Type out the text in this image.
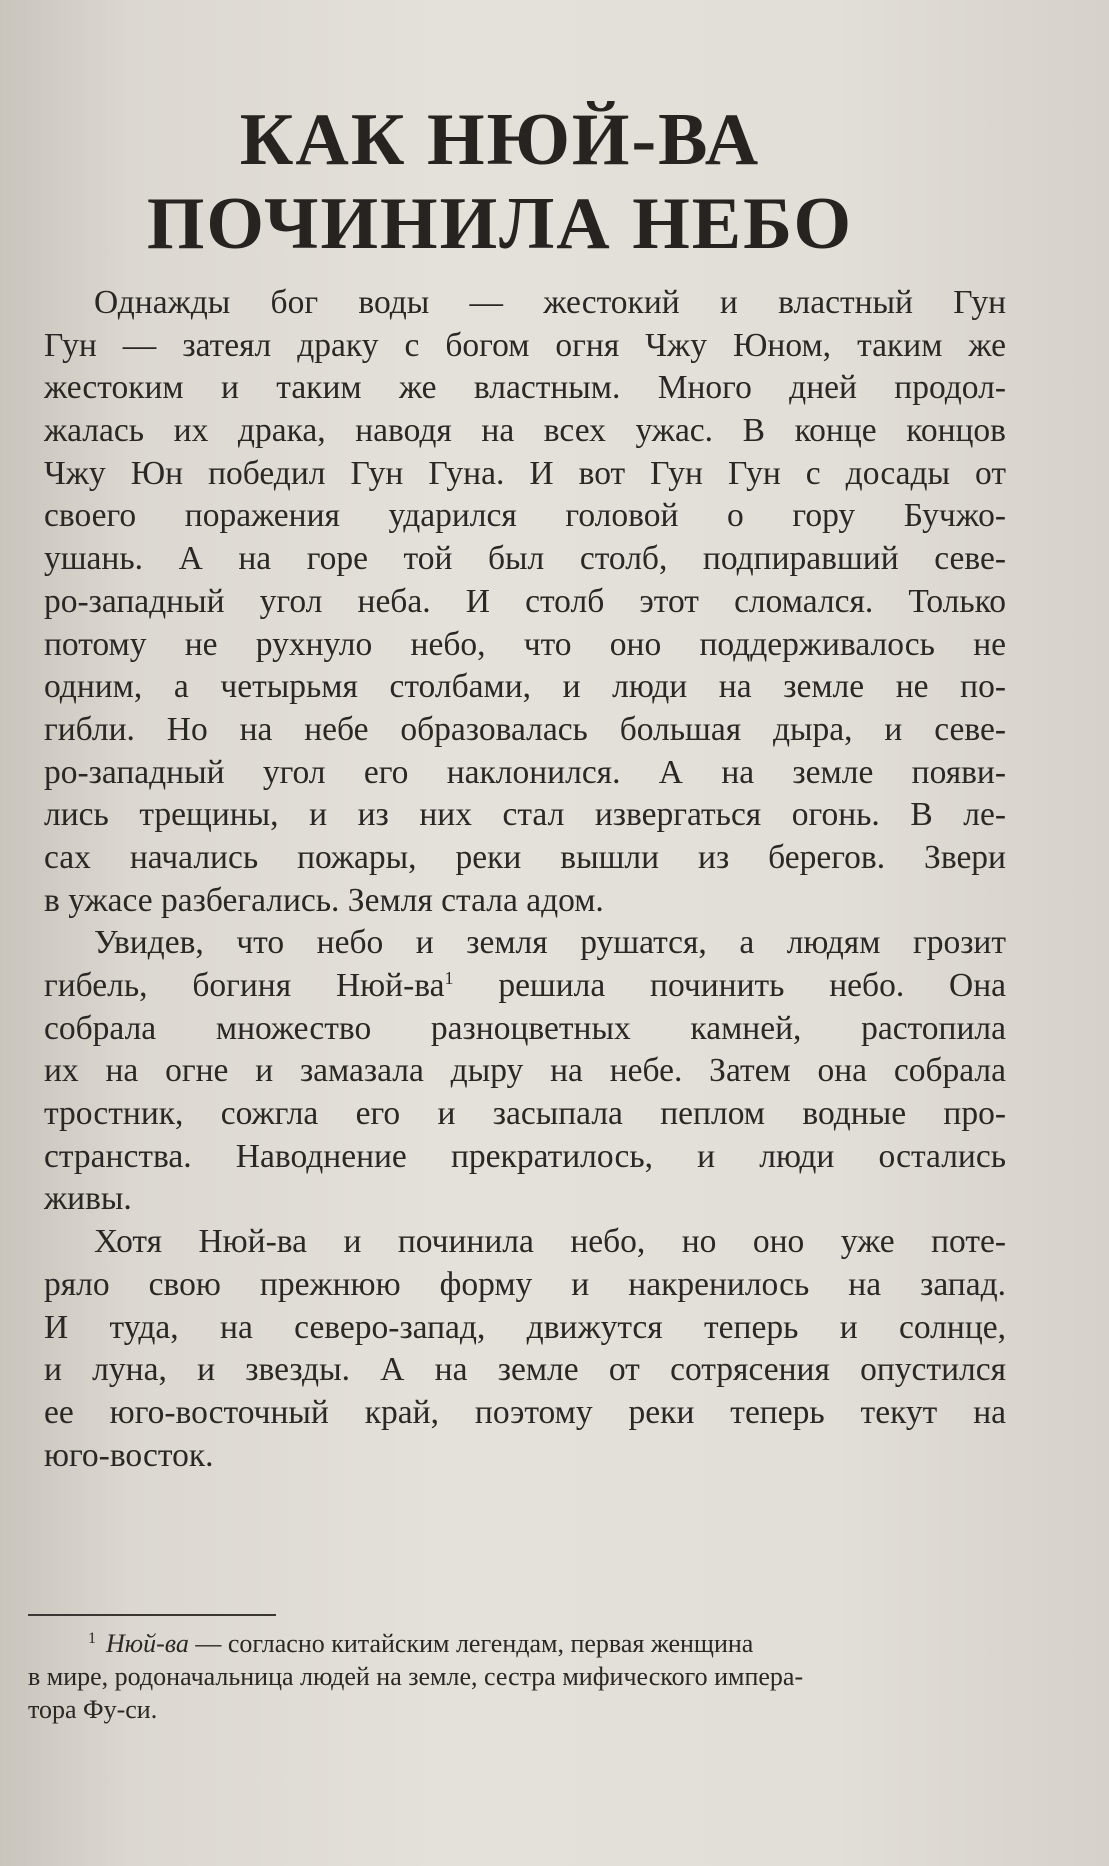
КАК НЮЙ-ВА
ПОЧИНИЛА НЕБО
Однажды бог воды — жестокий и властный Гун
Гун — затеял драку с богом огня Чжу Юном, таким же
жестоким и таким же властным. Много дней продол-
жалась их драка, наводя на всех ужас. В конце концов
Чжу Юн победил Гун Гуна. И вот Гун Гун с досады от
своего поражения ударился головой о гору Бучжо-
ушань. А на горе той был столб, подпиравший севе-
ро-западный угол неба. И столб этот сломался. Только
потому не рухнуло небо, что оно поддерживалось не
одним, а четырьмя столбами, и люди на земле не по-
гибли. Но на небе образовалась большая дыра, и севе-
ро-западный угол его наклонился. А на земле появи-
лись трещины, и из них стал извергаться огонь. В ле-
сах начались пожары, реки вышли из берегов. Звери
в ужасе разбегались. Земля стала адом.
Увидев, что небо и земля рушатся, а людям грозит
гибель, богиня Нюй-ва$^1$ решила починить небо. Она
собрала множество разноцветных камней, растопила
их на огне и замазала дыру на небе. Затем она собрала
тростник, сожгла его и засыпала пеплом водные про-
странства. Наводнение прекратилось, и люди остались
живы.
Хотя Нюй-ва и починила небо, но оно уже поте-
ряло свою прежнюю форму и накренилось на запад.
И туда, на северо-запад, движутся теперь и солнце,
и луна, и звезды. А на земле от сотрясения опустился
ее юго-восточный край, поэтому реки теперь текут на
юго-восток.
$^1$ Нюй-ва — согласно китайским легендам, первая женщина
в мире, родоначальница людей на земле, сестра мифического импера-
тора Фу-си.
